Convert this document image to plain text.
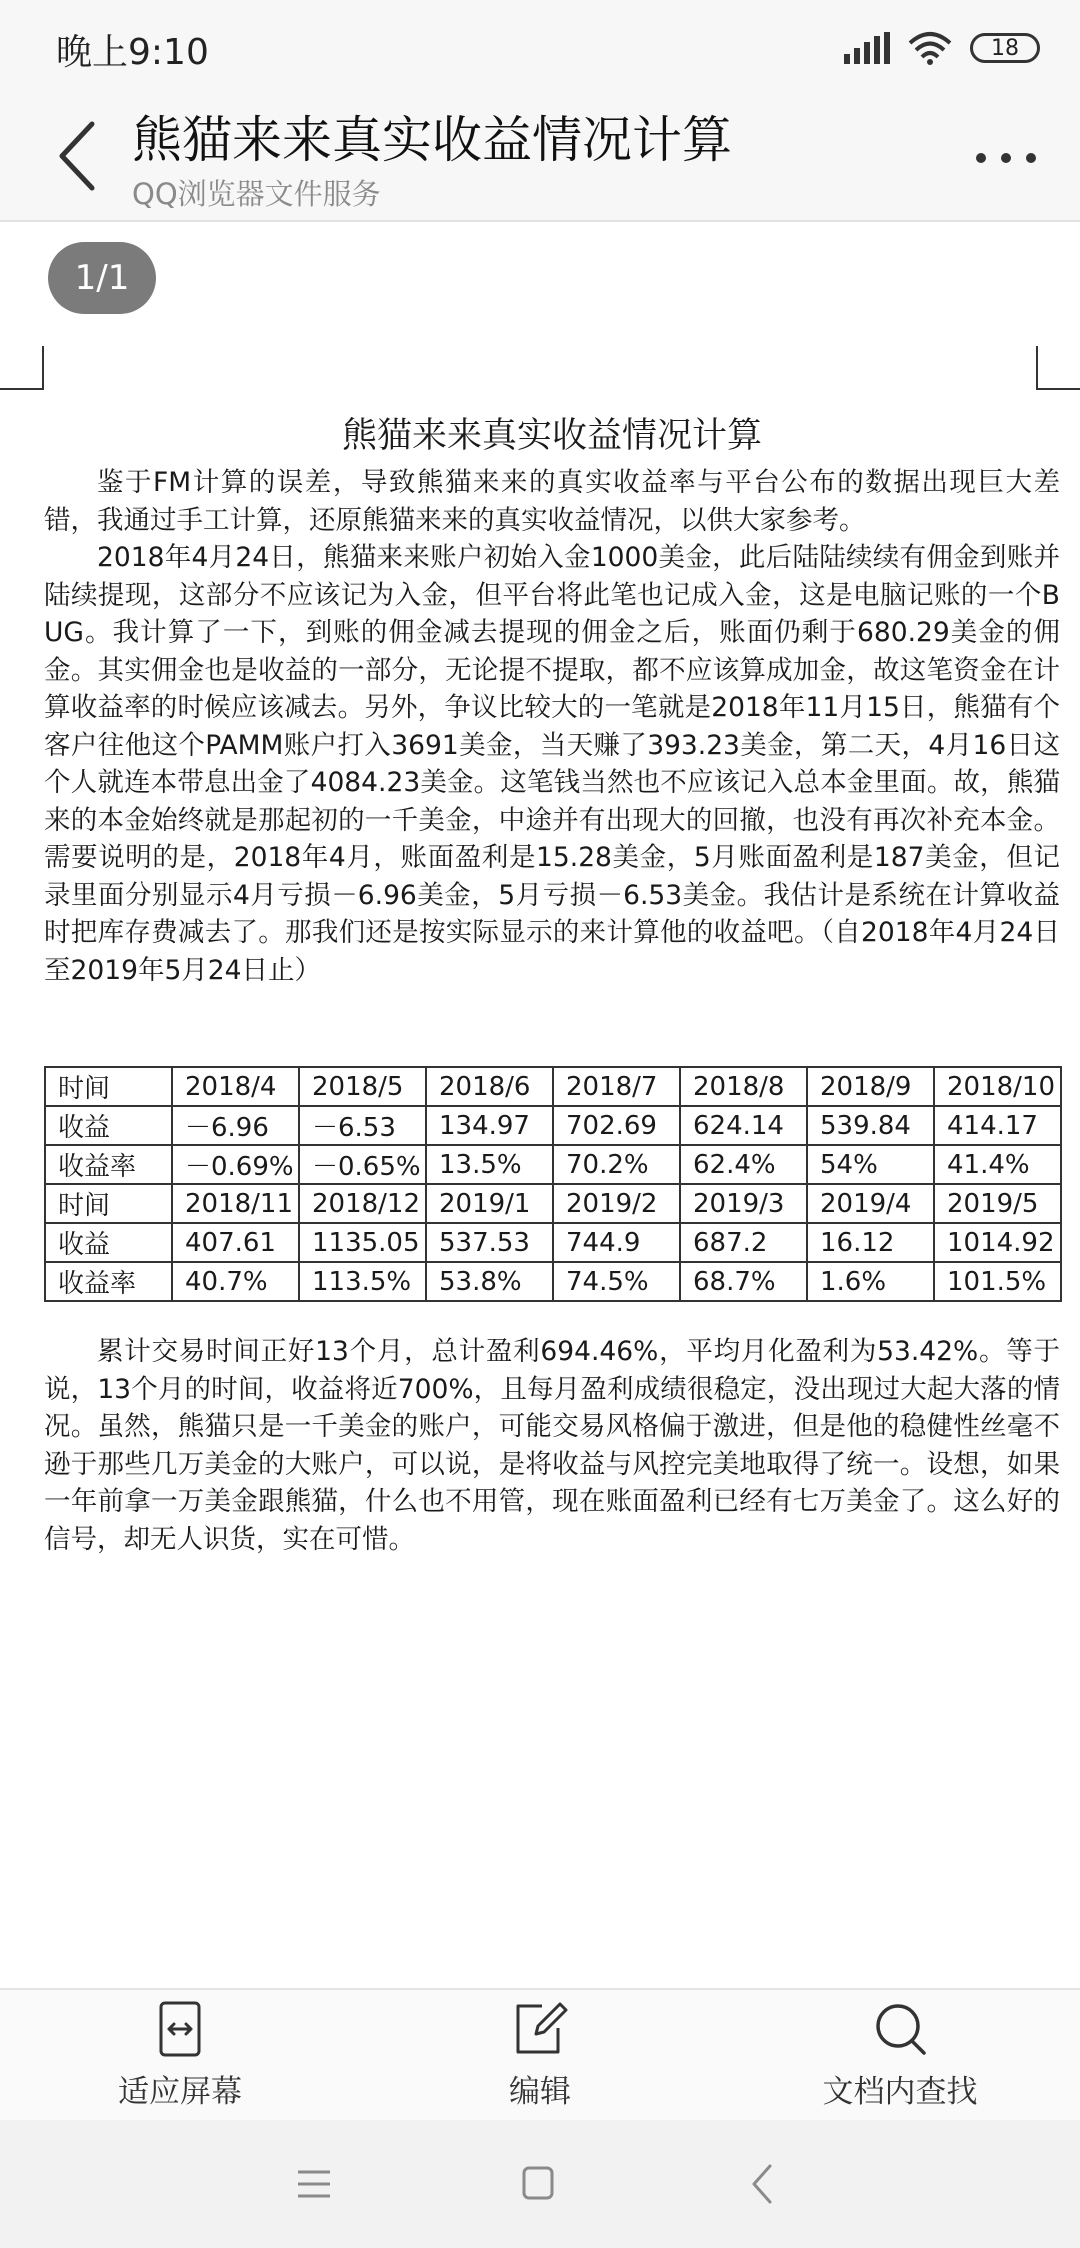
晚上9:10	18
熊猫来来真实收益情况计算
QQ浏览器文件服务
1/1
熊猫来来真实收益情况计算

鉴于FM计算的误差，导致熊猫来来的真实收益率与平台公布的数据出现巨大差错，我通过手工计算，还原熊猫来来的真实收益情况，以供大家参考。

2018年4月24日，熊猫来来账户初始入金1000美金，此后陆陆续续有佣金到账并陆续提现，这部分不应该记为入金，但平台将此笔也记成入金，这是电脑记账的一个BUG。我计算了一下，到账的佣金减去提现的佣金之后，账面仍剩于680.29美金的佣金。其实佣金也是收益的一部分，无论提不提取，都不应该算成加金，故这笔资金在计算收益率的时候应该减去。另外，争议比较大的一笔就是2018年11月15日，熊猫有个客户往他这个PAMM账户打入3691美金，当天赚了393.23美金，第二天，4月16日这个人就连本带息出金了4084.23美金。这笔钱当然也不应该记入总本金里面。故，熊猫来的本金始终就是那起初的一千美金，中途并有出现大的回撤，也没有再次补充本金。需要说明的是，2018年4月，账面盈利是15.28美金，5月账面盈利是187美金，但记录里面分别显示4月亏损－6.96美金，5月亏损－6.53美金。我估计是系统在计算收益时把库存费减去了。那我们还是按实际显示的来计算他的收益吧。（自2018年4月24日至2019年5月24日止）

时间	2018/4	2018/5	2018/6	2018/7	2018/8	2018/9	2018/10
收益	－6.96	－6.53	134.97	702.69	624.14	539.84	414.17
收益率	－0.69%	－0.65%	13.5%	70.2%	62.4%	54%	41.4%
时间	2018/11	2018/12	2019/1	2019/2	2019/3	2019/4	2019/5
收益	407.61	1135.05	537.53	744.9	687.2	16.12	1014.92
收益率	40.7%	113.5%	53.8%	74.5%	68.7%	1.6%	101.5%

累计交易时间正好13个月，总计盈利694.46%，平均月化盈利为53.42%。等于说，13个月的时间，收益将近700%，且每月盈利成绩很稳定，没出现过大起大落的情况。虽然，熊猫只是一千美金的账户，可能交易风格偏于激进，但是他的稳健性丝毫不逊于那些几万美金的大账户，可以说，是将收益与风控完美地取得了统一。设想，如果一年前拿一万美金跟熊猫，什么也不用管，现在账面盈利已经有七万美金了。这么好的信号，却无人识货，实在可惜。

适应屏幕	编辑	文档内查找
